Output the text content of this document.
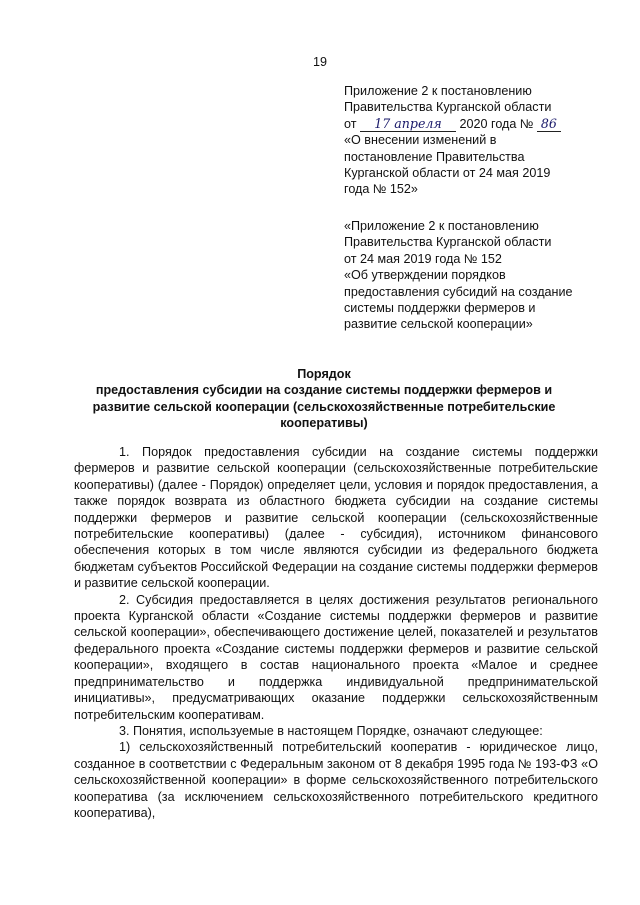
19
Приложение 2 к постановлению
Правительства Курганской области
от 17 апреля 2020 года № 86
«О внесении изменений в
постановление Правительства
Курганской области от 24 мая 2019
года № 152»
«Приложение 2 к постановлению
Правительства Курганской области
от 24 мая 2019 года № 152
«Об утверждении порядков
предоставления субсидий на создание
системы поддержки фермеров и
развитие сельской кооперации»
Порядок
предоставления субсидии на создание системы поддержки фермеров и развитие сельской кооперации (сельскохозяйственные потребительские кооперативы)

1. Порядок предоставления субсидии на создание системы поддержки фермеров и развитие сельской кооперации (сельскохозяйственные потребительские кооперативы) (далее - Порядок) определяет цели, условия и порядок предоставления, а также порядок возврата из областного бюджета субсидии на создание системы поддержки фермеров и развитие сельской кооперации (сельскохозяйственные потребительские кооперативы) (далее - субсидия), источником финансового обеспечения которых в том числе являются субсидии из федерального бюджета бюджетам субъектов Российской Федерации на создание системы поддержки фермеров и развитие сельской кооперации.

2. Субсидия предоставляется в целях достижения результатов регионального проекта Курганской области «Создание системы поддержки фермеров и развитие сельской кооперации», обеспечивающего достижение целей, показателей и результатов федерального проекта «Создание системы поддержки фермеров и развитие сельской кооперации», входящего в состав национального проекта «Малое и среднее предпринимательство и поддержка индивидуальной предпринимательской инициативы», предусматривающих оказание поддержки сельскохозяйственным потребительским кооперативам.

3. Понятия, используемые в настоящем Порядке, означают следующее:

1) сельскохозяйственный потребительский кооператив - юридическое лицо, созданное в соответствии с Федеральным законом от 8 декабря 1995 года № 193-ФЗ «О сельскохозяйственной кооперации» в форме сельскохозяйственного потребительского кооператива (за исключением сельскохозяйственного потребительского кредитного кооператива),
